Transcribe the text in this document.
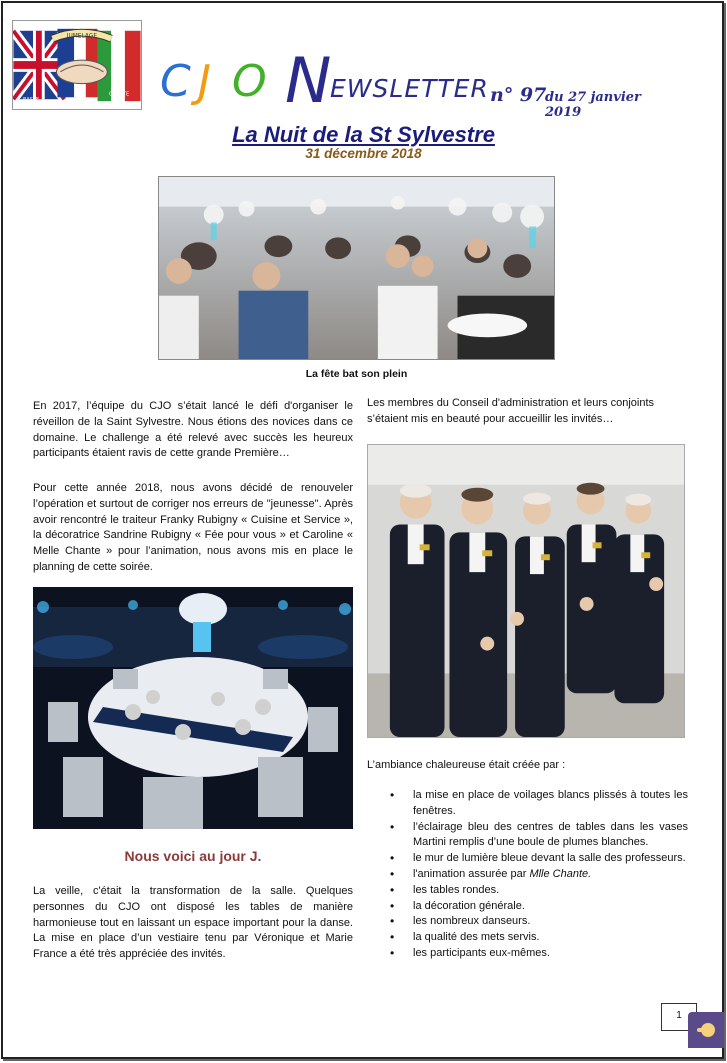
JUMELAGE
BASSE
CHANTE C J O N
EWSLETTER n° 97
du 27 janvier 2019
La Nuit de la St Sylvestre
31 décembre 2018
La fête bat son plein

En 2017, l’équipe du CJO s’était lancé le défi d'organiser le réveillon de la Saint Sylvestre. Nous étions des novices dans ce domaine. Le challenge a été relevé avec succès les heureux participants étaient ravis de cette grande Première…

Pour cette année 2018, nous avons décidé de renouveler l’opération et surtout de corriger nos erreurs de "jeunesse". Après avoir rencontré le traiteur Franky Rubigny « Cuisine et Service », la décoratrice Sandrine Rubigny « Fée pour vous » et Caroline « Melle Chante » pour l’animation, nous avons mis en place le planning de cette soirée.

Nous voici au jour J.

La veille, c'était la transformation de la salle. Quelques personnes du CJO ont disposé les tables de manière harmonieuse tout en laissant un espace important pour la danse. La mise en place d’un vestiaire tenu par Véronique et Marie France a été très appréciée des invités.

Les membres du Conseil d'administration et leurs conjoints s’étaient mis en beauté pour accueillir les invités…

L’ambiance chaleureuse était créée par :

• la mise en place de voilages blancs plissés à toutes les fenêtres.
• l’éclairage bleu des centres de tables dans les vases Martini remplis d’une boule de plumes blanches.
• le mur de lumière bleue devant la salle des professeurs.
• l'animation assurée par Mlle Chante.
• les tables rondes.
• la décoration générale.
• les nombreux danseurs.
• la qualité des mets servis.
• les participants eux-mêmes.
1
